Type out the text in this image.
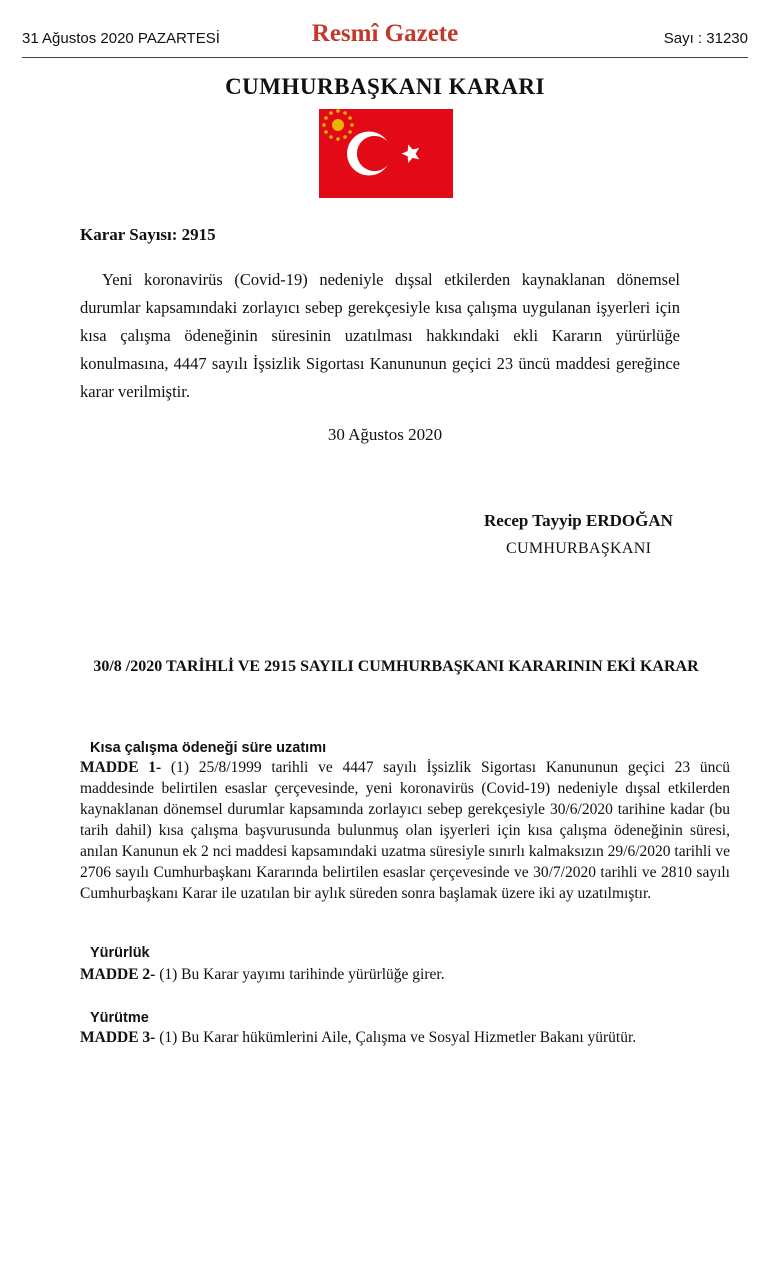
31 Ağustos 2020 PAZARTESİ	Resmî Gazete	Sayı : 31230
CUMHURBAŞKANI KARARI
Karar Sayısı: 2915
Yeni koronavirüs (Covid-19) nedeniyle dışsal etkilerden kaynaklanan dönemsel durumlar kapsamındaki zorlayıcı sebep gerekçesiyle kısa çalışma uygulanan işyerleri için kısa çalışma ödeneğinin süresinin uzatılması hakkındaki ekli Kararın yürürlüğe konulmasına, 4447 sayılı İşsizlik Sigortası Kanununun geçici 23 üncü maddesi gereğince karar verilmiştir.
30 Ağustos 2020
Recep Tayyip ERDOĞAN
CUMHURBAŞKANI
30/8 /2020 TARİHLİ VE 2915 SAYILI CUMHURBAŞKANI KARARININ EKİ KARAR
Kısa çalışma ödeneği süre uzatımı
MADDE 1- (1) 25/8/1999 tarihli ve 4447 sayılı İşsizlik Sigortası Kanununun geçici 23 üncü maddesinde belirtilen esaslar çerçevesinde, yeni koronavirüs (Covid-19) nedeniyle dışsal etkilerden kaynaklanan dönemsel durumlar kapsamında zorlayıcı sebep gerekçesiyle 30/6/2020 tarihine kadar (bu tarih dahil) kısa çalışma başvurusunda bulunmuş olan işyerleri için kısa çalışma ödeneğinin süresi, anılan Kanunun ek 2 nci maddesi kapsamındaki uzatma süresiyle sınırlı kalmaksızın 29/6/2020 tarihli ve 2706 sayılı Cumhurbaşkanı Kararında belirtilen esaslar çerçevesinde ve 30/7/2020 tarihli ve 2810 sayılı Cumhurbaşkanı Karar ile uzatılan bir aylık süreden sonra başlamak üzere iki ay uzatılmıştır.
Yürürlük
MADDE 2- (1) Bu Karar yayımı tarihinde yürürlüğe girer.
Yürütme
MADDE 3- (1) Bu Karar hükümlerini Aile, Çalışma ve Sosyal Hizmetler Bakanı yürütür.
